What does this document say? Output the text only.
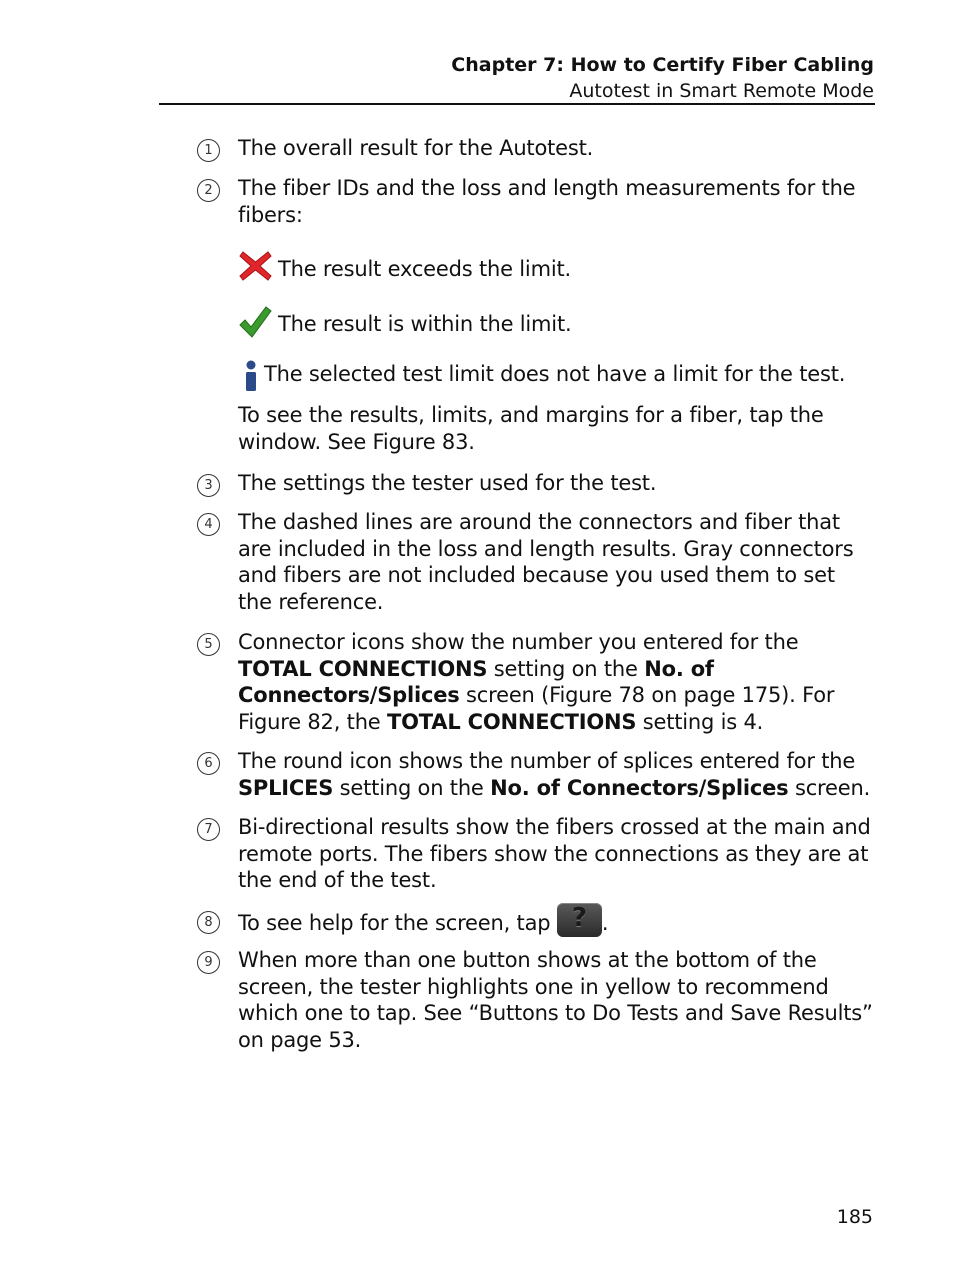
Chapter 7: How to Certify Fiber Cabling
Autotest in Smart Remote Mode
1	The overall result for the Autotest.
2	The fiber IDs and the loss and length measurements for the fibers:
The result exceeds the limit.
The result is within the limit.
The selected test limit does not have a limit for the test.
To see the results, limits, and margins for a fiber, tap the window. See Figure 83.
3	The settings the tester used for the test.
4	The dashed lines are around the connectors and fiber that are included in the loss and length results. Gray connectors and fibers are not included because you used them to set the reference.
5	Connector icons show the number you entered for the TOTAL CONNECTIONS setting on the No. of Connectors/Splices screen (Figure 78 on page 175). For Figure 82, the TOTAL CONNECTIONS setting is 4.
6	The round icon shows the number of splices entered for the SPLICES setting on the No. of Connectors/Splices screen.
7	Bi-directional results show the fibers crossed at the main and remote ports. The fibers show the connections as they are at the end of the test.
8	To see help for the screen, tap ? .
9	When more than one button shows at the bottom of the screen, the tester highlights one in yellow to recommend which one to tap. See “Buttons to Do Tests and Save Results” on page 53.
185
